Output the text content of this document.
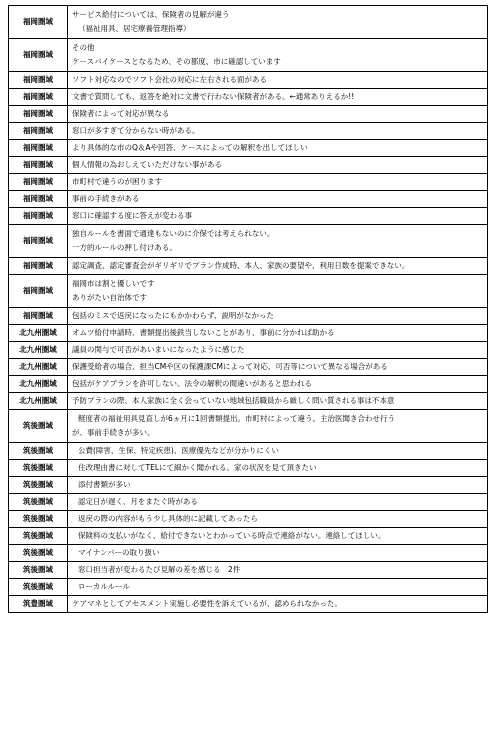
福岡圏域	サービス給付については、保険者の見解が違う
（福祉用具、居宅療養管理指導）

福岡圏域	その他
ケースバイケースとなるため、その都度、市に確認しています

福岡圏域	ソフト対応なのでソフト会社の対応に左右される面がある

福岡圏域	文書で質問しても、返答を絶対に文書で行わない保険者がある。←通常ありえるか!!

福岡圏域	保険者によって対応が異なる

福岡圏域	窓口が多すぎて分からない時がある。

福岡圏域	より具体的な市のQ＆Aや回答、ケースによっての解釈を出してほしい

福岡圏域	個人情報の為おしえていただけない事がある

福岡圏域	市町村で違うのが困ります

福岡圏域	事前の手続きがある

福岡圏域	窓口に確認する度に答えが変わる事

福岡圏域	独自ルールを書面で通達もないのに介保では考えられない。
一方的ルールの押し付けある。

福岡圏域	認定調査、認定審査会がギリギリでプラン作成時、本人、家族の要望や、利用日数を提案できない。

福岡圏域	福岡市は割と優しいです
ありがたい自治体です

福岡圏域	包括のミスで返戻になったにもかかわらず、説明がなかった

北九州圏域	オムツ給付申請時、書類提出後鉄当しないことがあり、事前に分かれば助かる

北九州圏域	議員の関与で可否があいまいになったように感じた

北九州圏域	保護受給者の場合、担当CMや区の保護課CMによって対応、可否等について異なる場合がある

北九州圏域	包括がケアプランを許可しない。法令の解釈の間違いがあると思われる

北九州圏域	予防プランの際、本人家族に全く会っていない地域包括職員から厳しく問い質される事は不本意

筑後圏域	軽度者の福祉用具見直しが6ヵ月に1回書類提出。市町村によって違う。主治医聞き合わせ行う
が、事前手続きが多い。

筑後圏域	公費(障害、生保、特定疾患)、医療優先などが分かりにくい

筑後圏域	住改理由書に対してTELにて細かく聞かれる。家の状況を見て頂きたい

筑後圏域	添付書類が多い

筑後圏域	認定日が遅く、月をまたぐ時がある

筑後圏域	返戻の際の内容がもう少し具体的に記載してあったら

筑後圏域	保険料の支払いがなく、給付できないとわかっている時点で連絡がない。連絡してほしい。

筑後圏域	マイナンバーの取り扱い

筑後圏域	窓口担当者が変わるたび見解の差を感じる　2件

筑後圏域	ローカルルール

筑豊圏域	ケアマネとしてアセスメント実施し必要性を訴えているが、認められなかった。
